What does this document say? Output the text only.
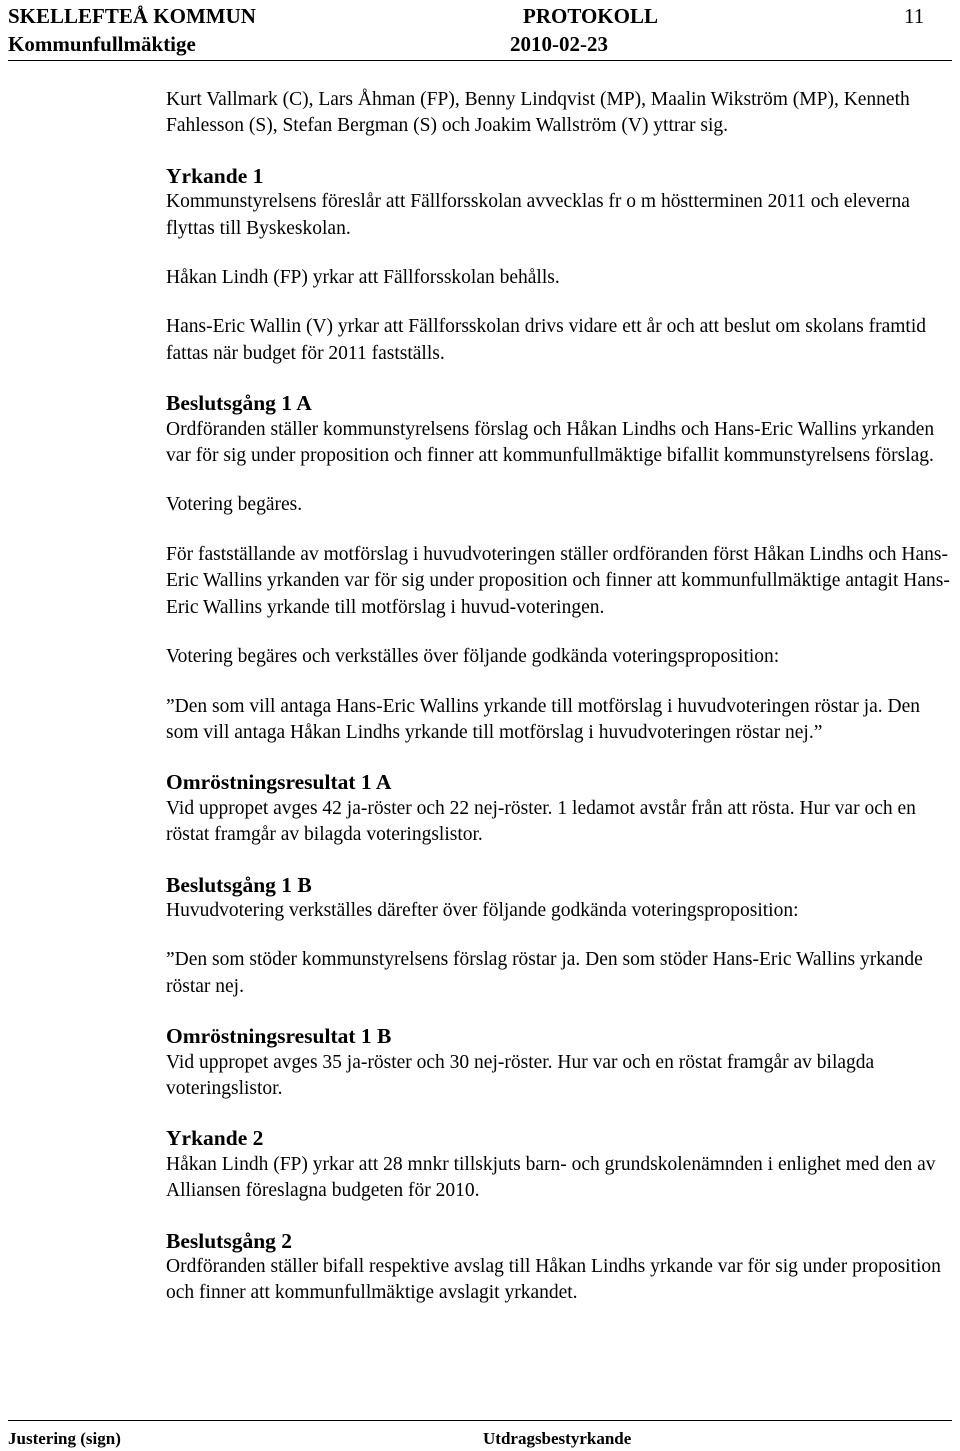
SKELLEFTEÅ KOMMUN	PROTOKOLL	11
Kommunfullmäktige	2010-02-23

Kurt Vallmark (C), Lars Åhman (FP), Benny Lindqvist (MP), Maalin Wikström (MP), Kenneth Fahlesson (S), Stefan Bergman (S) och Joakim Wallström (V) yttrar sig.

Yrkande 1

Kommunstyrelsens föreslår att Fällforsskolan avvecklas fr o m höstterminen 2011 och eleverna flyttas till Byskeskolan.

Håkan Lindh (FP) yrkar att Fällforsskolan behålls.

Hans-Eric Wallin (V) yrkar att Fällforsskolan drivs vidare ett år och att beslut om skolans framtid fattas när budget för 2011 fastställs.

Beslutsgång 1 A

Ordföranden ställer kommunstyrelsens förslag och Håkan Lindhs och Hans-Eric Wallins yrkanden var för sig under proposition och finner att kommunfullmäktige bifallit kommunstyrelsens förslag.

Votering begäres.

För fastställande av motförslag i huvudvoteringen ställer ordföranden först Håkan Lindhs och Hans-Eric Wallins yrkanden var för sig under proposition och finner att kommunfullmäktige antagit Hans-Eric Wallins yrkande till motförslag i huvud-voteringen.

Votering begäres och verkställes över följande godkända voteringsproposition:

”Den som vill antaga Hans-Eric Wallins yrkande till motförslag i huvudvoteringen röstar ja. Den som vill antaga Håkan Lindhs yrkande till motförslag i huvudvoteringen röstar nej.”

Omröstningsresultat 1 A

Vid uppropet avges 42 ja-röster och 22 nej-röster. 1 ledamot avstår från att rösta. Hur var och en röstat framgår av bilagda voteringslistor.

Beslutsgång 1 B

Huvudvotering verkställes därefter över följande godkända voteringsproposition:

”Den som stöder kommunstyrelsens förslag röstar ja. Den som stöder Hans-Eric Wallins yrkande röstar nej.

Omröstningsresultat 1 B

Vid uppropet avges 35 ja-röster och 30 nej-röster. Hur var och en röstat framgår av bilagda voteringslistor.

Yrkande 2

Håkan Lindh (FP) yrkar att 28 mnkr tillskjuts barn- och grundskolenämnden i enlighet med den av Alliansen föreslagna budgeten för 2010.

Beslutsgång 2

Ordföranden ställer bifall respektive avslag till Håkan Lindhs yrkande var för sig under proposition och finner att kommunfullmäktige avslagit yrkandet.

Justering (sign)	Utdragsbestyrkande
